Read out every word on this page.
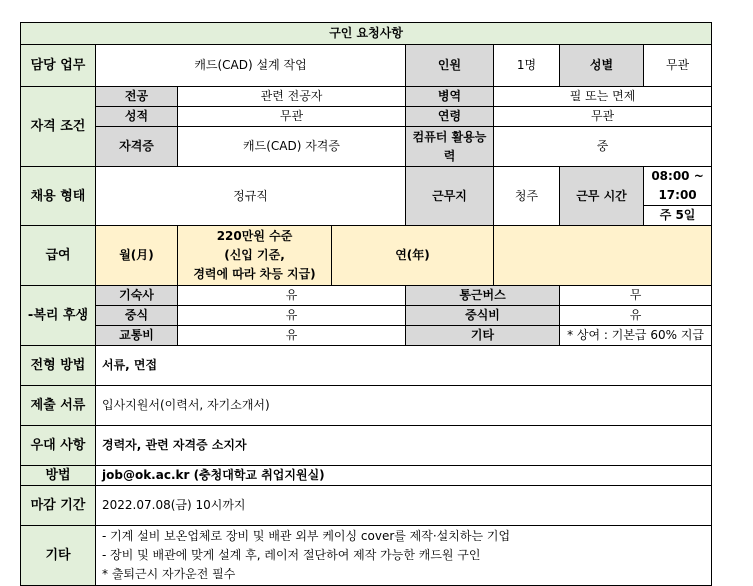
구인 요청사항							
담당 업무	캐드(CAD) 설계 작업			인원	1명	성별	무관
자격 조건	전공	관련 전공자		병역	필 또는 면제		
	성적	무관		연령	무관		
	자격증	캐드(CAD) 자격증		컴퓨터 활용능력	중		
채용 형태	정규직			근무지	청주	근무 시간	08:00 ~ 17:00
							주 5일
급여	월(月)	220만원 수준
(신입 기준,
경력에 따라 차등 지급)	연(年)				
-복리 후생	기숙사	유		통근버스		무	
	중식	유		중식비		유	
	교통비	유		기타		* 상여 : 기본급 60% 지급	
전형 방법	서류, 면접						
제출 서류	입사지원서(이력서, 자기소개서)						
우대 사항	경력자, 관련 자격증 소지자						
방법	job@ok.ac.kr (충청대학교 취업지원실)						
마감 기간	2022.07.08(금) 10시까지						
기타	- 기계 설비 보온업체로 장비 및 배관 외부 케이싱 cover를 제작·설치하는 기업
- 장비 및 배관에 맞게 설계 후, 레이저 절단하여 제작 가능한 캐드원 구인
* 출퇴근시 자가운전 필수						
